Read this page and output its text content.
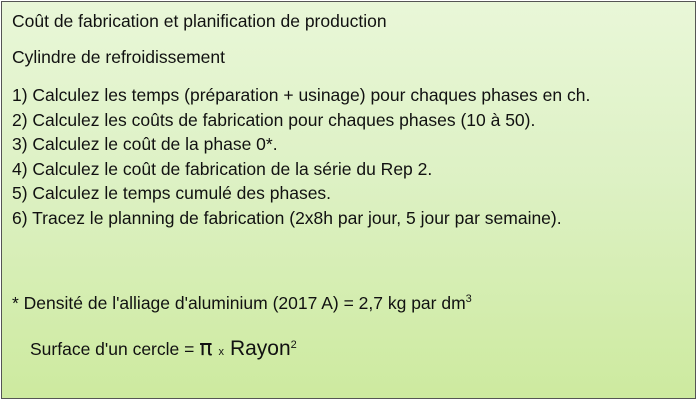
Coût de fabrication et planification de production
Cylindre de refroidissement
1) Calculez les temps (préparation + usinage) pour chaques phases en ch.
2) Calculez les coûts de fabrication pour chaques phases (10 à 50).
3) Calculez le coût de la phase 0*.
4) Calculez le coût de fabrication de la série du Rep 2.
5) Calculez le temps cumulé des phases.
6) Tracez le planning de fabrication (2x8h par jour, 5 jour par semaine).
* Densité de l'alliage d'aluminium (2017 A) = 2,7 kg par $dm^3$
Surface d'un cercle = π x Rayon$^2$
